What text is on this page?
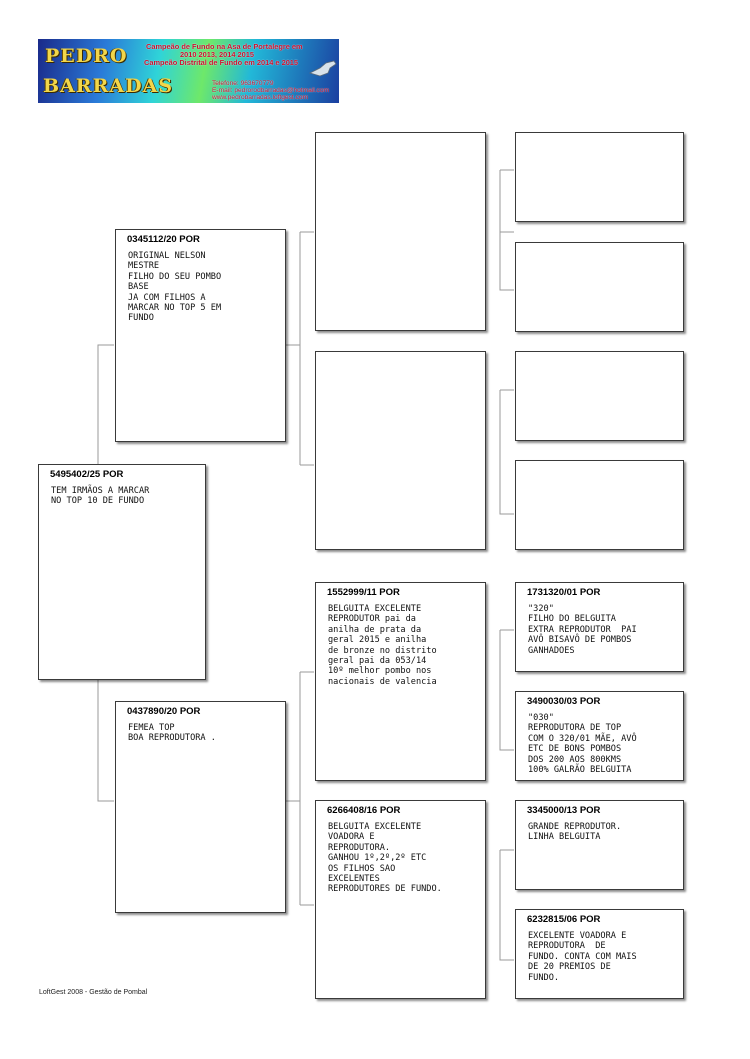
PEDRO
BARRADAS
Campeão de Fundo na Asa de Portalegre em
2010 2013, 2014 2015
Campeão Distrital de Fundo em 2014 e 2015
Telefone: 963670779
E-mail: pedrorodbarradas@hotmail.com
www.pedrobarradas.loftgest.com
5495402/25 POR
TEM IRMÃOS A MARCAR
NO TOP 10 DE FUNDO
0345112/20 POR
ORIGINAL NELSON
MESTRE
FILHO DO SEU POMBO
BASE
JA COM FILHOS A
MARCAR NO TOP 5 EM
FUNDO
0437890/20 POR
FEMEA TOP
BOA REPRODUTORA .
1552999/11 POR
BELGUITA EXCELENTE
REPRODUTOR pai da
anilha de prata da
geral 2015 e anilha
de bronze no distrito
geral pai da 053/14
10º melhor pombo nos
nacionais de valencia
6266408/16 POR
BELGUITA EXCELENTE
VOADORA E
REPRODUTORA.
GANHOU 1º,2º,2º ETC
OS FILHOS SAO
EXCELENTES
REPRODUTORES DE FUNDO.
1731320/01 POR
"320"
FILHO DO BELGUITA
EXTRA REPRODUTOR  PAI
AVÔ BISAVÔ DE POMBOS
GANHADOES
3490030/03 POR
"030"
REPRODUTORA DE TOP
COM O 320/01 MÃE, AVÔ
ETC DE BONS POMBOS
DOS 200 AOS 800KMS
100% GALRÃO BELGUITA
3345000/13 POR
GRANDE REPRODUTOR.
LINHA BELGUITA
6232815/06 POR
EXCELENTE VOADORA E
REPRODUTORA  DE
FUNDO. CONTA COM MAIS
DE 20 PREMIOS DE
FUNDO.
LoftGest 2008 - Gestão de Pombal
